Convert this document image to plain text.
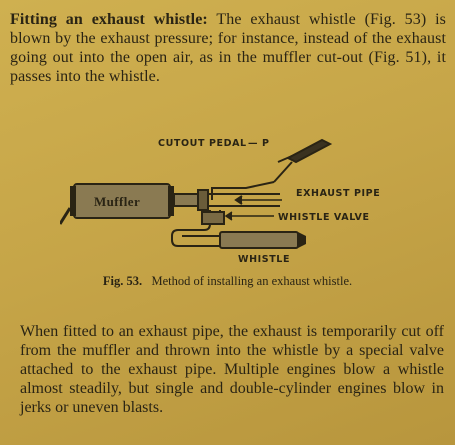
Fitting an exhaust whistle: The exhaust whistle (Fig. 53) is blown by the exhaust pressure; for instance, instead of the exhaust going out into the open air, as in the muffler cut-out (Fig. 51), it passes into the whistle.

CUTOUT PEDAL — P
Muffler
EXHAUST PIPE
WHISTLE VALVE
WHISTLE
Fig. 53. Method of installing an exhaust whistle.

When fitted to an exhaust pipe, the exhaust is temporarily cut off from the muffler and thrown into the whistle by a special valve attached to the exhaust pipe. Multiple engines blow a whistle almost steadily, but single and double-cylinder engines blow in jerks or uneven blasts.
